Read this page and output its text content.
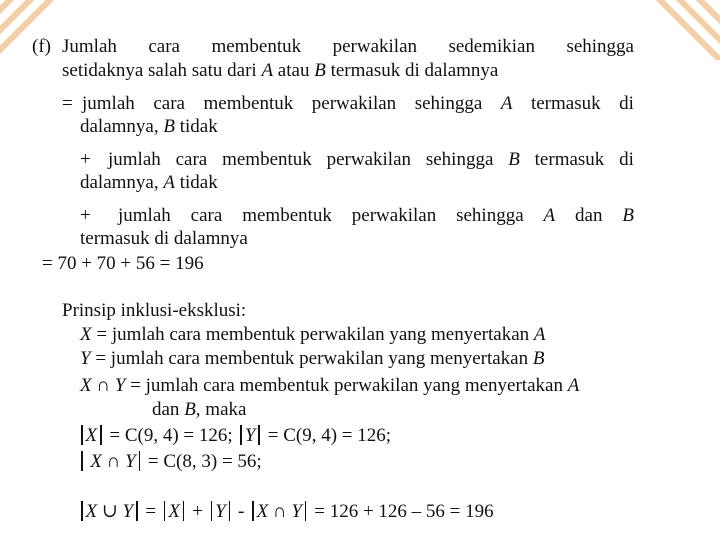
(f) Jumlah cara membentuk perwakilan sedemikian sehingga
setidaknya salah satu dari A atau B termasuk di dalamnya
= jumlah cara membentuk perwakilan sehingga A termasuk di
dalamnya, B tidak
+ jumlah cara membentuk perwakilan sehingga B termasuk di
dalamnya, A tidak
+ jumlah cara membentuk perwakilan sehingga A dan B
termasuk di dalamnya
= 70 + 70 + 56 = 196
Prinsip inklusi-eksklusi:
X = jumlah cara membentuk perwakilan yang menyertakan A
Y = jumlah cara membentuk perwakilan yang menyertakan B
X ∩ Y = jumlah cara membentuk perwakilan yang menyertakan A
dan B, maka
X = C(9, 4) = 126; Y = C(9, 4) = 126;
X ∩ Y = C(8, 3) = 56;
X ∪ Y = X + Y - X ∩ Y = 126 + 126 – 56 = 196
